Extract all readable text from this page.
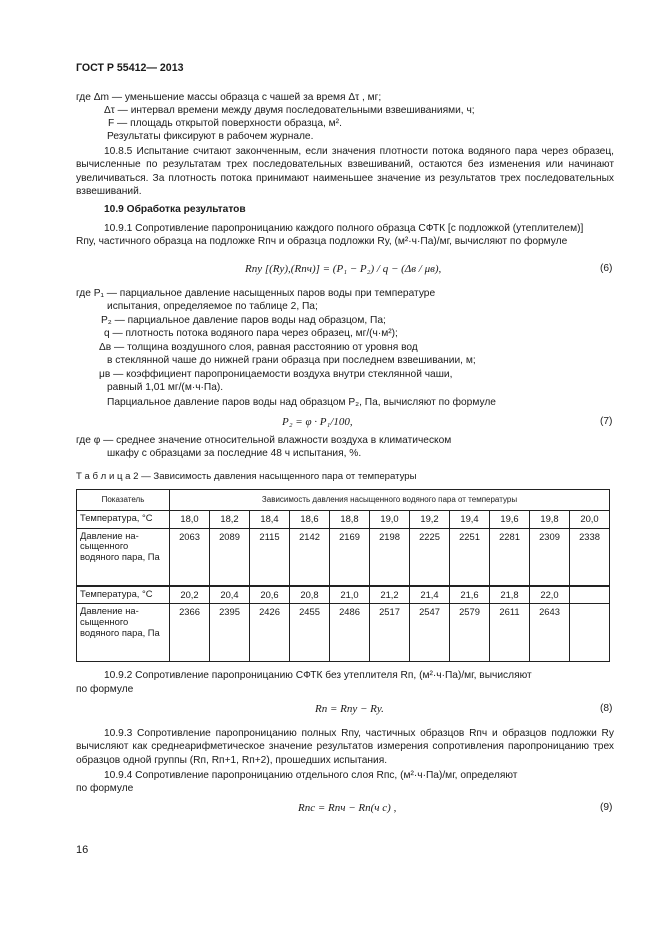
ГОСТ Р 55412— 2013
где Δm — уменьшение массы образца с чашей за время Δτ , мг;
Δτ — интервал времени между двумя последовательными взвешиваниями, ч;
F — площадь открытой поверхности образца, м².
Результаты фиксируют в рабочем журнале.
10.8.5 Испытание считают законченным, если значения плотности потока водяного пара через образец, вычисленные по результатам трех последовательных взвешиваний, остаются без изменения или начинают увеличиваться. За плотность потока принимают наименьшее значение из результатов трех последовательных взвешиваний.
10.9 Обработка результатов
10.9.1 Сопротивление паропроницанию каждого полного образца СФТК [с подложкой (утеплителем)]
Rпу, частичного образца на подложке Rпч и образца подложки Rу, (м²·ч·Па)/мг, вычисляют по формуле
Rпу [(Rу),(Rпч)] = (P₁ − P₂) / q − (Δв / μв),	(6)
где P₁ — парциальное давление насыщенных паров воды при температуре
испытания, определяемое по таблице 2, Па;
P₂ — парциальное давление паров воды над образцом, Па;
q — плотность потока водяного пара через образец, мг/(ч·м²);
Δв — толщина воздушного слоя, равная расстоянию от уровня вод
в стеклянной чаше до нижней грани образца при последнем взвешивании, м;
μв — коэффициент паропроницаемости воздуха внутри стеклянной чаши,
равный 1,01 мг/(м·ч·Па).
Парциальное давление паров воды над образцом P₂, Па, вычисляют по формуле
P₂ = φ · P₁/100,	(7)
где φ — среднее значение относительной влажности воздуха в климатическом
шкафу с образцами за последние 48 ч испытания, %.
Т а б л и ц а 2 — Зависимость давления насыщенного пара от температуры
Показатель	Зависимость давления насыщенного водяного пара от температуры										
Температура, °С	18,0	18,2	18,4	18,6	18,8	19,0	19,2	19,4	19,6	19,8	20,0
Давление на-сыщенного водяного пара, Па	2063	2089	2115	2142	2169	2198	2225	2251	2281	2309	2338
Температура, °С	20,2	20,4	20,6	20,8	21,0	21,2	21,4	21,6	21,8	22,0	
Давление на-сыщенного водяного пара, Па	2366	2395	2426	2455	2486	2517	2547	2579	2611	2643	
10.9.2 Сопротивление паропроницанию СФТК без утеплителя Rп, (м²·ч·Па)/мг, вычисляют
по формуле
Rп = Rпу − Rу.	(8)
10.9.3 Сопротивление паропроницанию полных Rпу, частичных образцов Rпч и образцов подложки Rу вычисляют как среднеарифметическое значение результатов измерения сопротивления паропроницанию трех образцов одной группы (Rп, Rп+1, Rп+2), прошедших испытания.
10.9.4 Сопротивление паропроницанию отдельного слоя Rпс, (м²·ч·Па)/мг, определяют
по формуле
Rпс = Rпч − Rп(ч с) ,	(9)
16
